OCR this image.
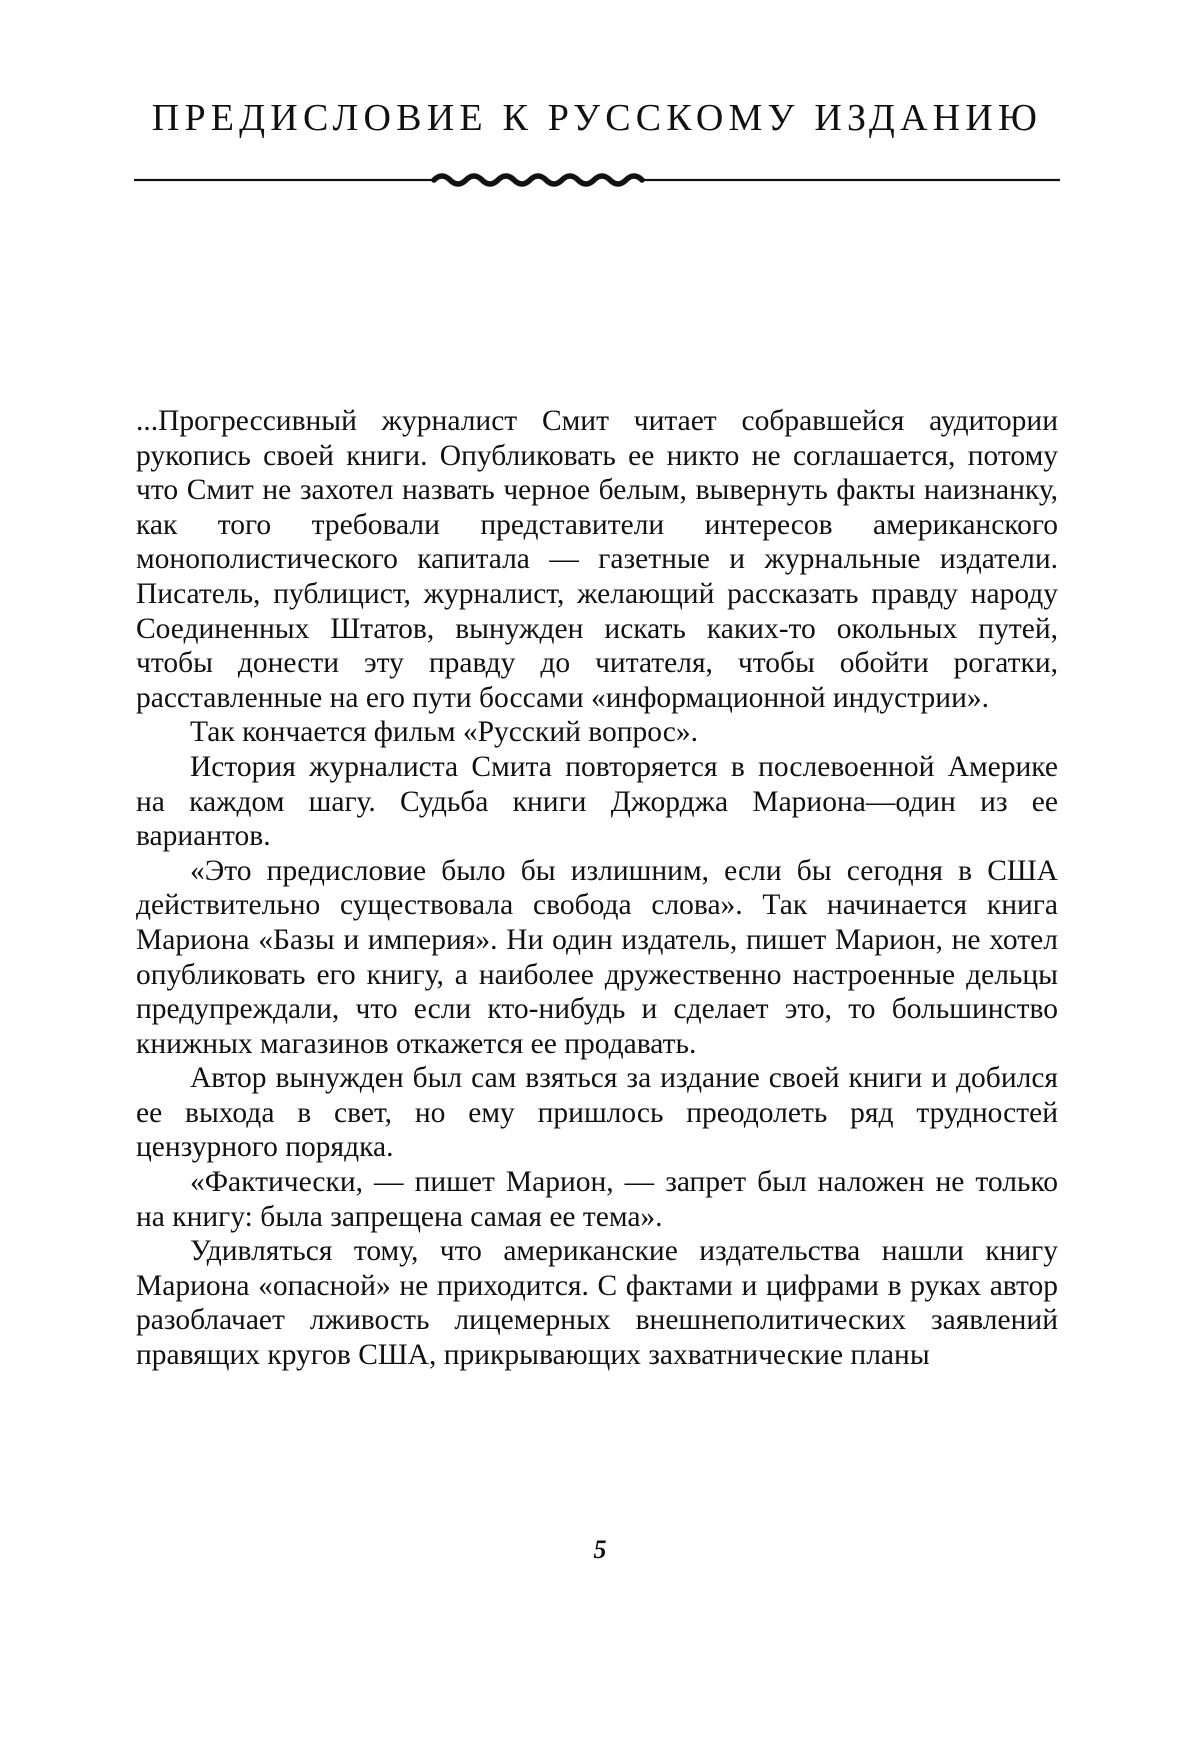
ПРЕДИСЛОВИЕ К РУССКОМУ ИЗДАНИЮ

...Прогрессивный журналист Смит читает собравшейся аудитории рукопись своей книги. Опубликовать ее никто не соглашается, потому что Смит не захотел назвать черное белым, вывернуть факты наизнанку, как того требовали представители интересов американского монополистического капитала — газетные и журнальные издатели. Писатель, публицист, журналист, желающий рассказать правду народу Соединенных Штатов, вынужден искать каких-то окольных путей, чтобы донести эту правду до читателя, чтобы обойти рогатки, расставленные на его пути боссами «информационной индустрии».

Так кончается фильм «Русский вопрос».

История журналиста Смита повторяется в послевоенной Америке на каждом шагу. Судьба книги Джорджа Мариона—один из ее вариантов.

«Это предисловие было бы излишним, если бы сегодня в США действительно существовала свобода слова». Так начинается книга Мариона «Базы и империя». Ни один издатель, пишет Марион, не хотел опубликовать его книгу, а наиболее дружественно настроенные дельцы предупреждали, что если кто-нибудь и сделает это, то большинство книжных магазинов откажется ее продавать.

Автор вынужден был сам взяться за издание своей книги и добился ее выхода в свет, но ему пришлось преодолеть ряд трудностей цензурного порядка.

«Фактически, — пишет Марион, — запрет был наложен не только на книгу: была запрещена самая ее тема».

Удивляться тому, что американские издательства нашли книгу Мариона «опасной» не приходится. С фактами и цифрами в руках автор разоблачает лживость лицемерных внешнеполитических заявлений правящих кругов США, прикрывающих захватнические планы

5
